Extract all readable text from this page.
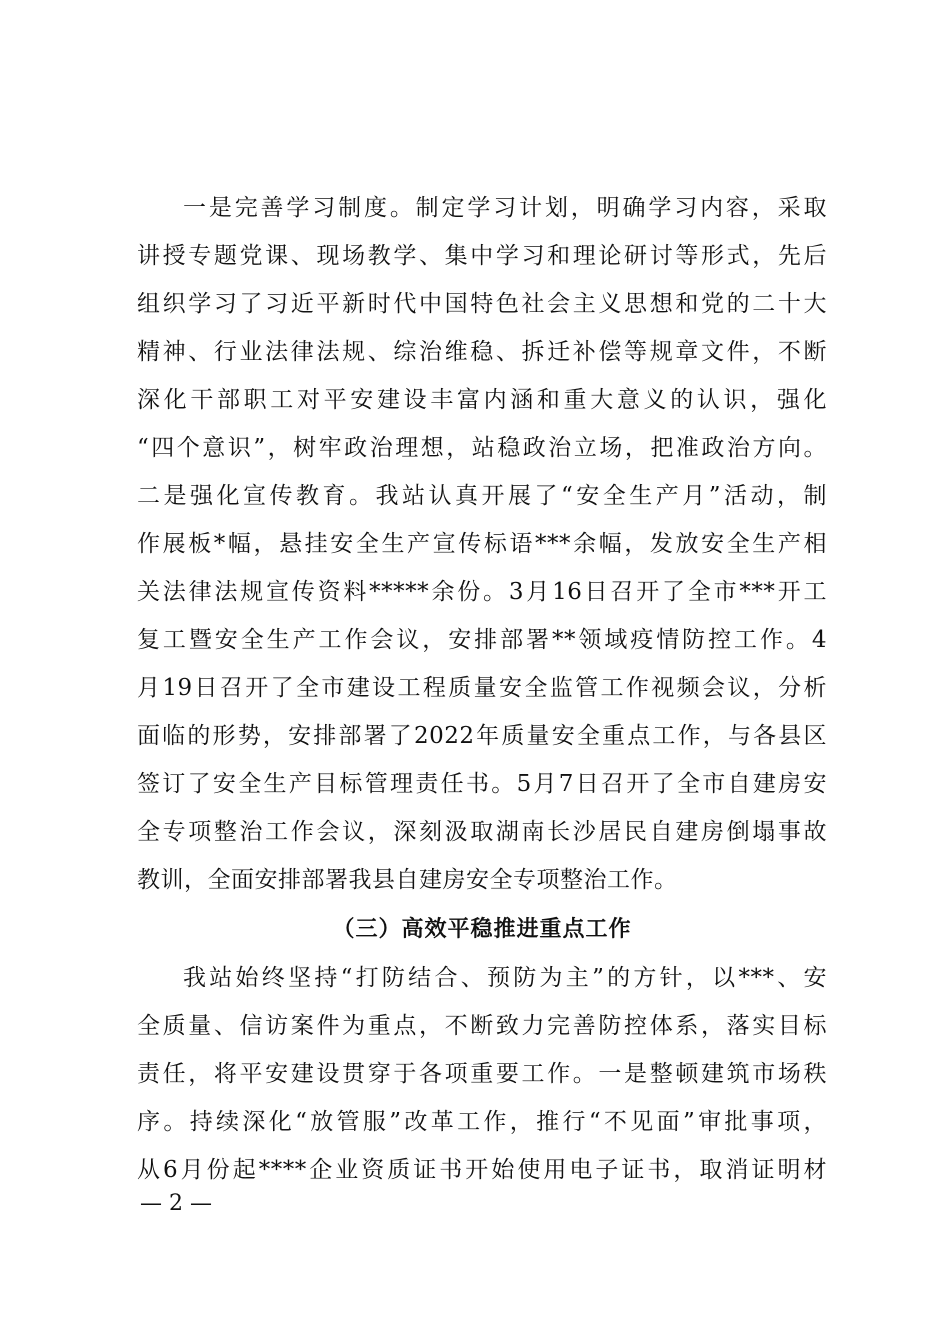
一是完善学习制度。制定学习计划，明确学习内容，采取
讲授专题党课、现场教学、集中学习和理论研讨等形式，先后
组织学习了习近平新时代中国特色社会主义思想和党的二十大
精神、行业法律法规、综治维稳、拆迁补偿等规章文件，不断
深化干部职工对平安建设丰富内涵和重大意义的认识，强化
“四个意识”，树牢政治理想，站稳政治立场，把准政治方向。
二是强化宣传教育。我站认真开展了“安全生产月”活动，制
作展板*幅，悬挂安全生产宣传标语***余幅，发放安全生产相
关法律法规宣传资料*****余份。3月16日召开了全市***开工
复工暨安全生产工作会议，安排部署**领域疫情防控工作。4
月19日召开了全市建设工程质量安全监管工作视频会议，分析
面临的形势，安排部署了2022年质量安全重点工作，与各县区
签订了安全生产目标管理责任书。5月7日召开了全市自建房安
全专项整治工作会议，深刻汲取湖南长沙居民自建房倒塌事故
教训，全面安排部署我县自建房安全专项整治工作。
（三）高效平稳推进重点工作
我站始终坚持“打防结合、预防为主”的方针，以***、安
全质量、信访案件为重点，不断致力完善防控体系，落实目标
责任，将平安建设贯穿于各项重要工作。一是整顿建筑市场秩
序。持续深化“放管服”改革工作，推行“不见面”审批事项，
从6月份起****企业资质证书开始使用电子证书，取消证明材
— 2 —
